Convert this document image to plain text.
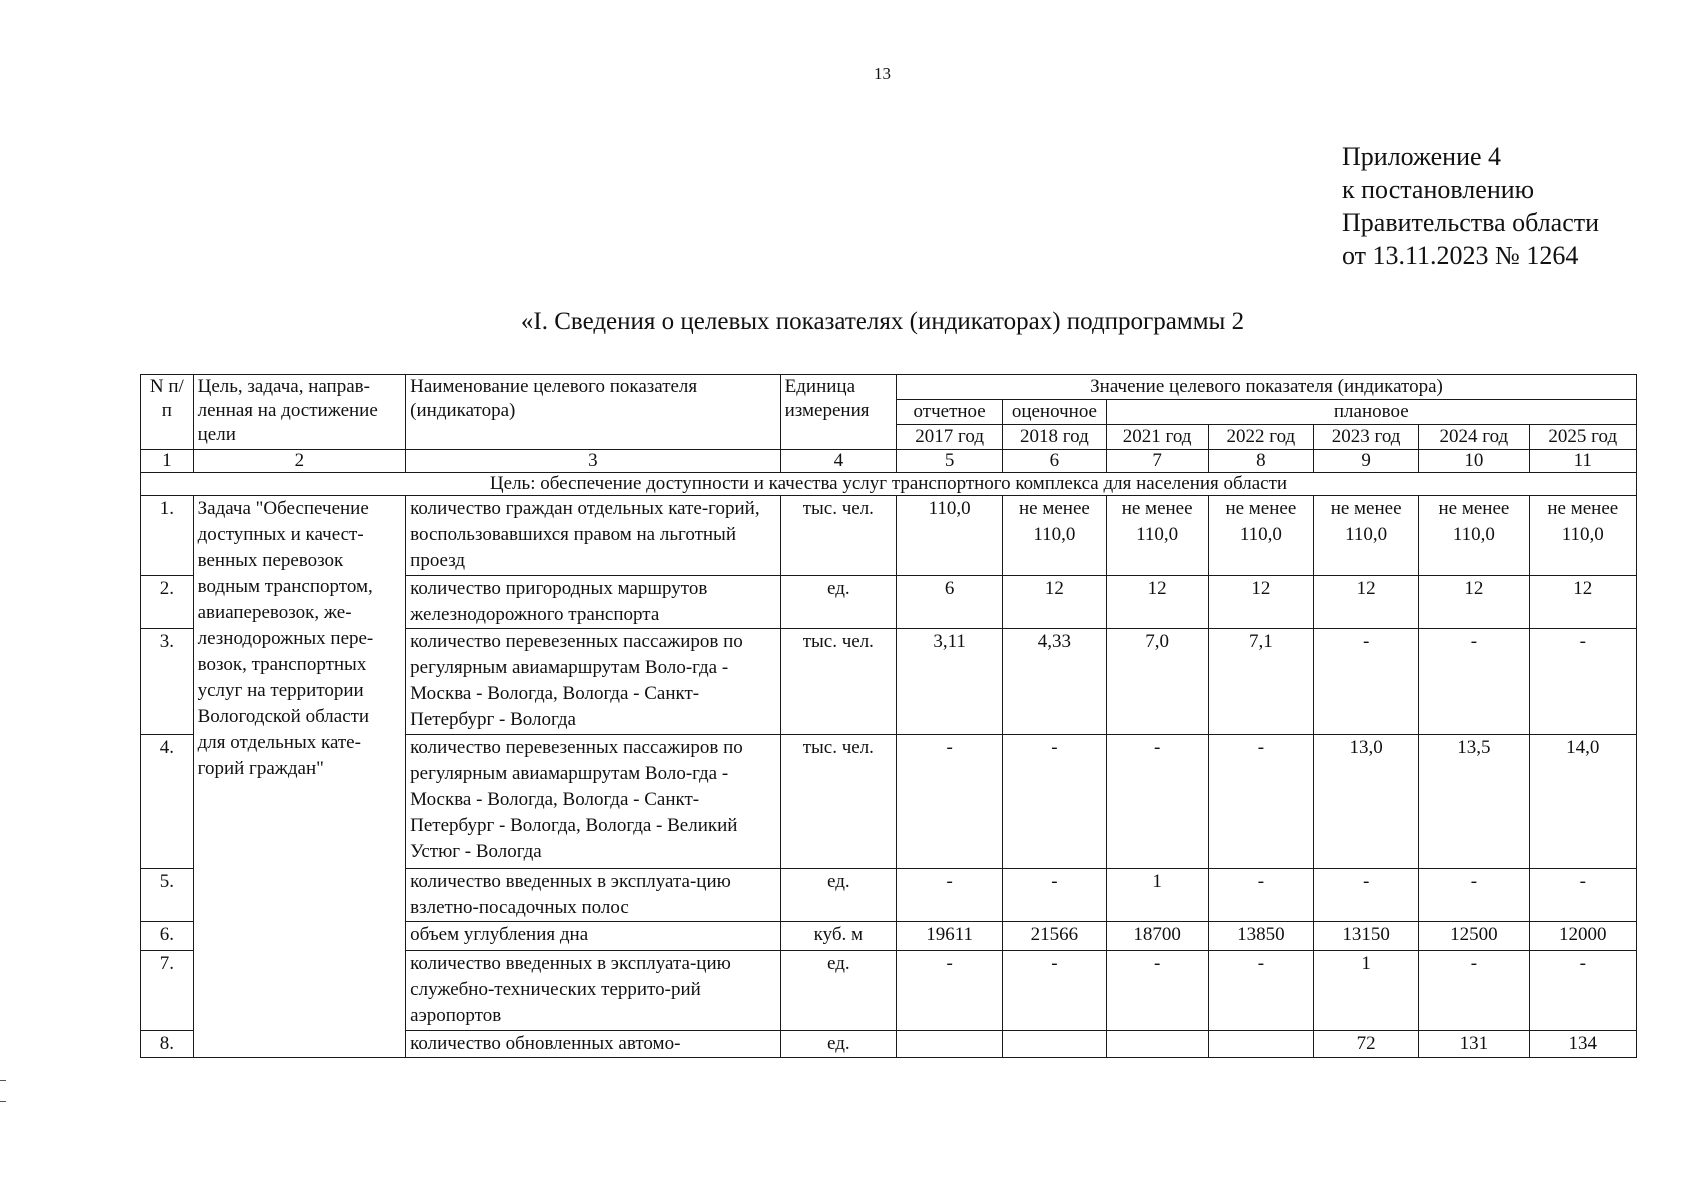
13
Приложение 4
к постановлению
Правительства области
от 13.11.2023 № 1264
«I. Сведения о целевых показателях (индикаторах) подпрограммы 2
N п/п	Цель, задача, направ-ленная на достижение цели	Наименование целевого показателя (индикатора)	Единица измерения	Значение целевого показателя (индикатора)						
				отчетное	оценочное	плановое				
				2017 год	2018 год	2021 год	2022 год	2023 год	2024 год	2025 год
1	2	3	4	5	6	7	8	9	10	11
Цель: обеспечение доступности и качества услуг транспортного комплекса для населения области										
1.	Задача "Обеспечение доступных и качест-венных перевозок водным транспортом, авиаперевозок, же-лезнодорожных пере-возок, транспортных услуг на территории Вологодской области для отдельных кате-горий граждан"	количество граждан отдельных кате-горий, воспользовавшихся правом на льготный проезд	тыс. чел.	110,0	не менее 110,0	не менее 110,0	не менее 110,0	не менее 110,0	не менее 110,0	не менее 110,0
2.		количество пригородных маршрутов железнодорожного транспорта	ед.	6	12	12	12	12	12	12
3.		количество перевезенных пассажиров по регулярным авиамаршрутам Воло-гда - Москва - Вологда, Вологда - Санкт-Петербург - Вологда	тыс. чел.	3,11	4,33	7,0	7,1	-	-	-
4.		количество перевезенных пассажиров по регулярным авиамаршрутам Воло-гда - Москва - Вологда, Вологда - Санкт-Петербург - Вологда, Вологда - Великий Устюг - Вологда	тыс. чел.	-	-	-	-	13,0	13,5	14,0
5.		количество введенных в эксплуата-цию взлетно-посадочных полос	ед.	-	-	1	-	-	-	-
6.		объем углубления дна	куб. м	19611	21566	18700	13850	13150	12500	12000
7.		количество введенных в эксплуата-цию служебно-технических террито-рий аэропортов	ед.	-	-	-	-	1	-	-
8.		количество обновленных автомо-	ед.					72	131	134
